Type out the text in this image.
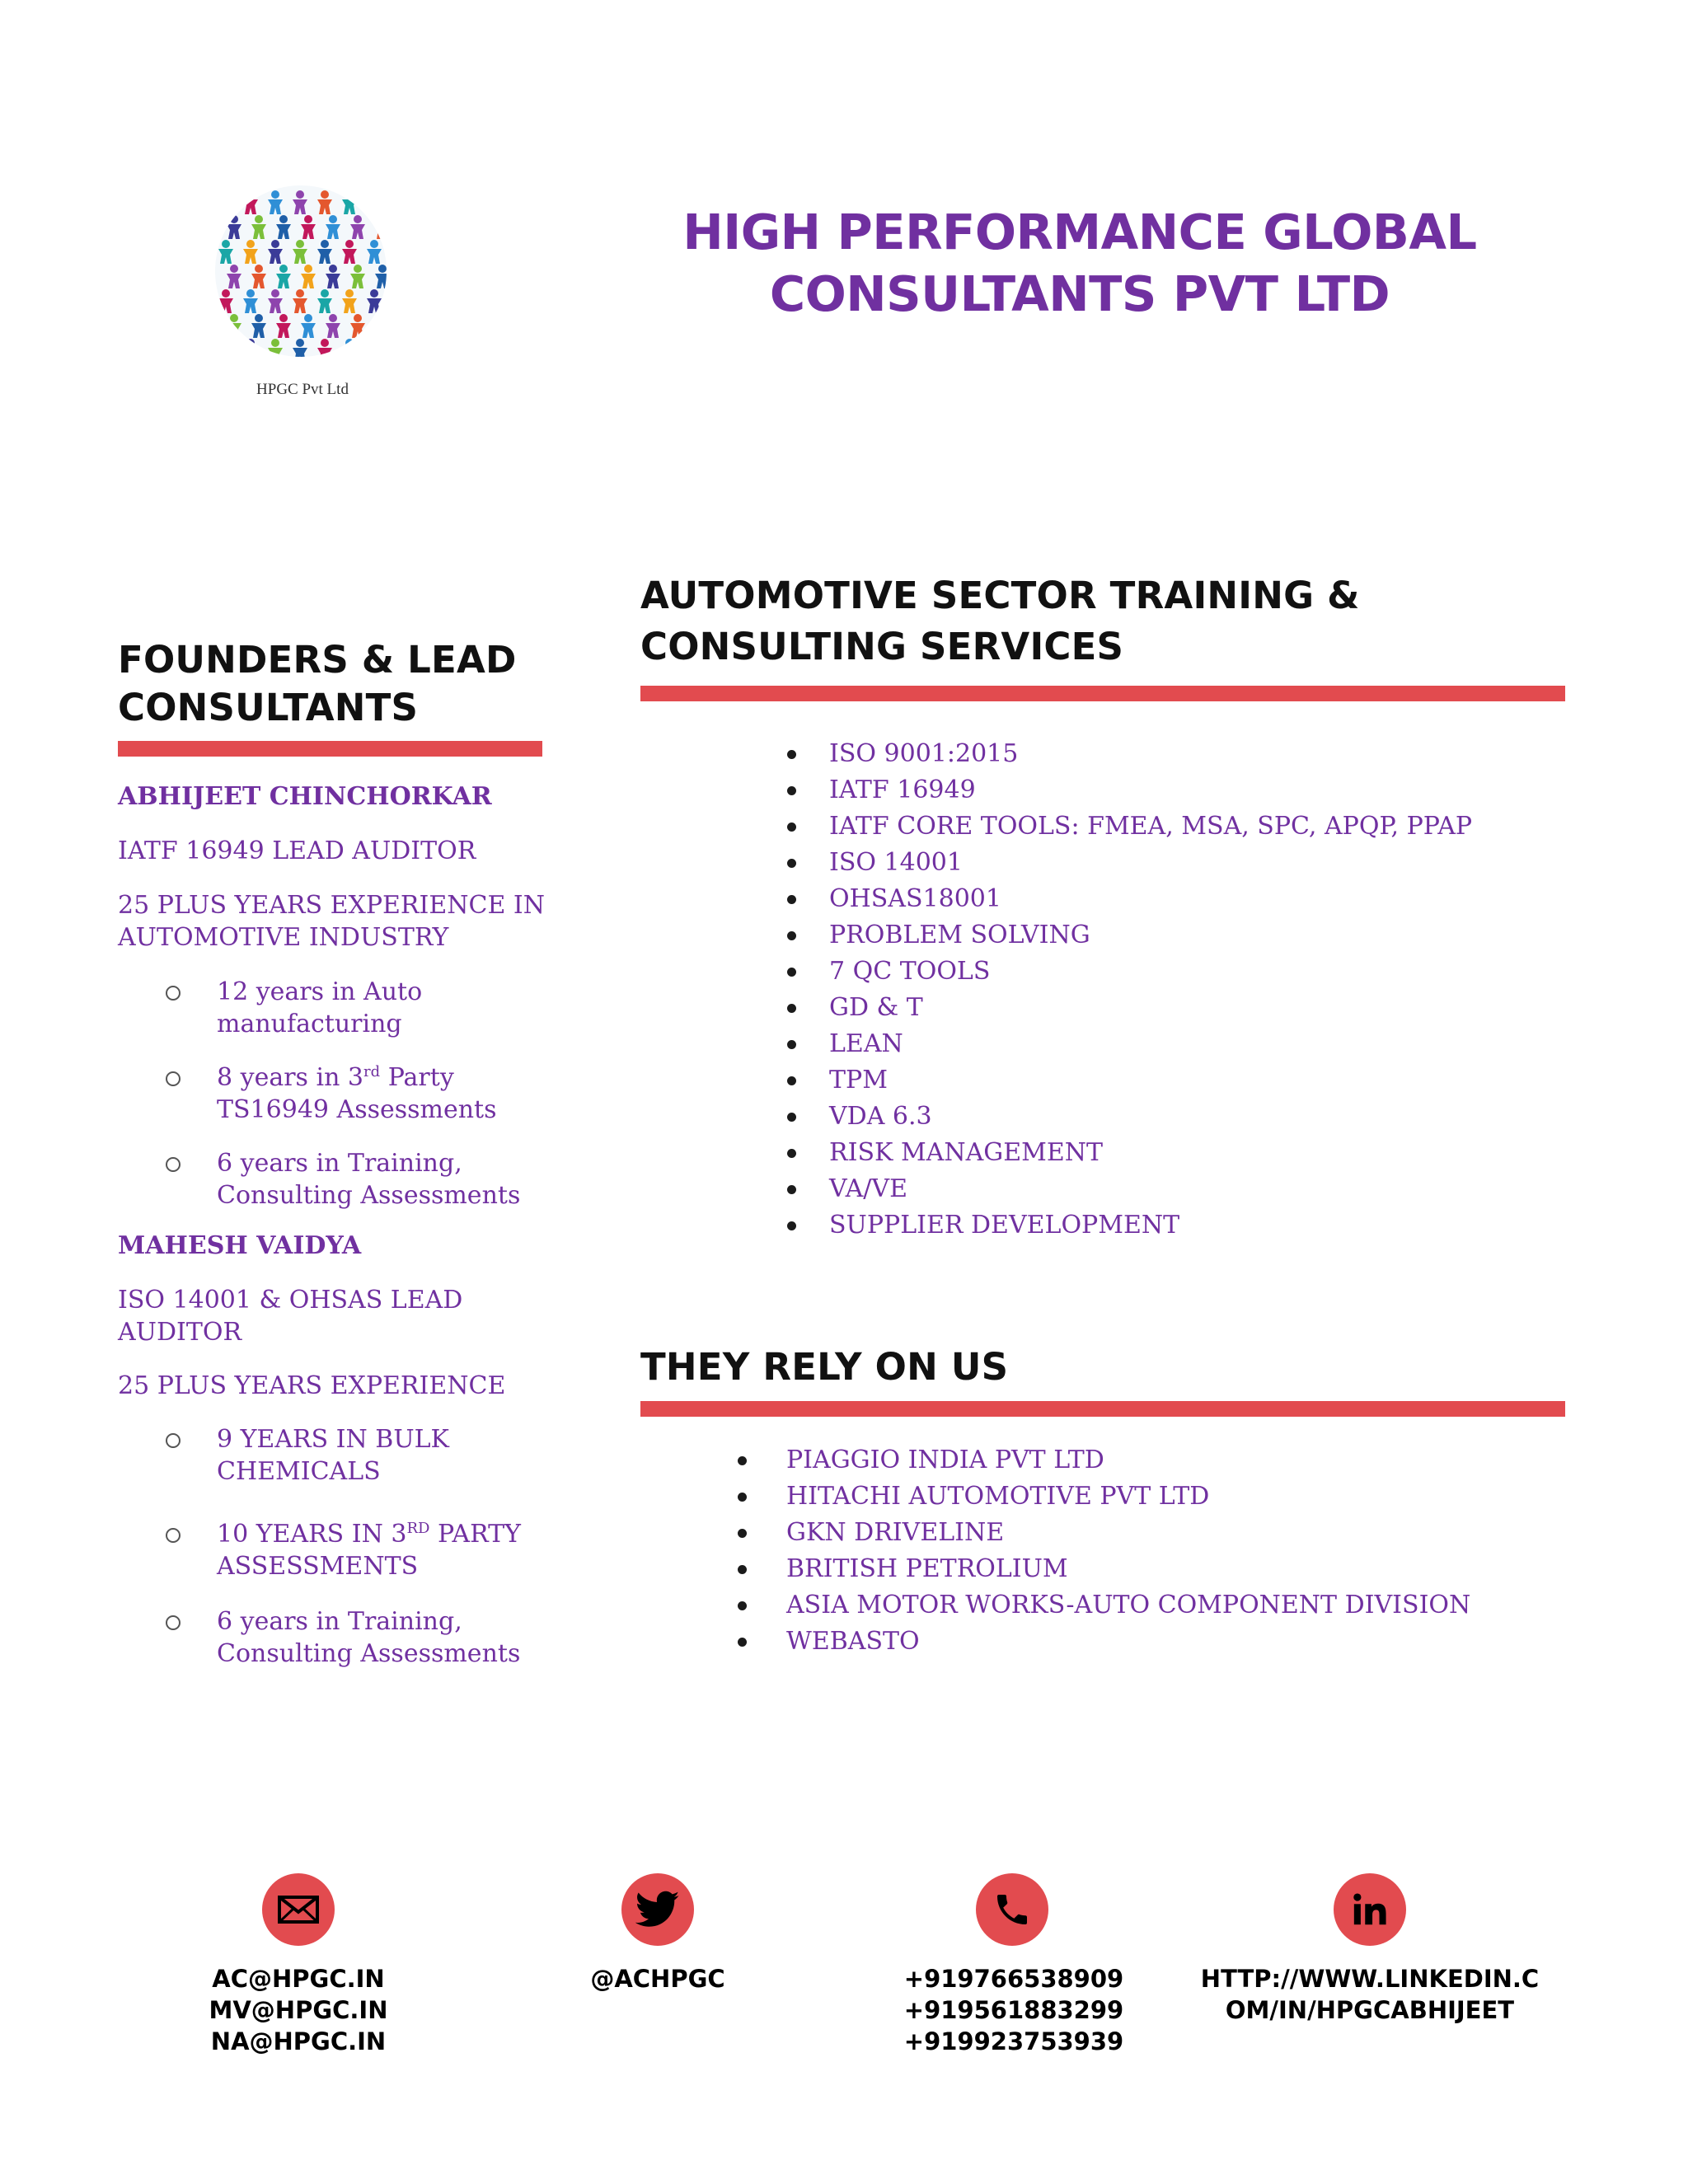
HPGC Pvt Ltd
HIGH PERFORMANCE GLOBAL
CONSULTANTS PVT LTD
FOUNDERS & LEAD
CONSULTANTS
ABHIJEET CHINCHORKAR
IATF 16949 LEAD AUDITOR
25 PLUS YEARS EXPERIENCE IN
AUTOMOTIVE INDUSTRY
12 years in Auto
manufacturing
8 years in 3rd Party
TS16949 Assessments
6 years in Training,
Consulting Assessments
MAHESH VAIDYA
ISO 14001 & OHSAS LEAD
AUDITOR
25 PLUS YEARS EXPERIENCE
9 YEARS IN BULK
CHEMICALS
10 YEARS IN 3RD PARTY
ASSESSMENTS
6 years in Training,
Consulting Assessments
AUTOMOTIVE SECTOR TRAINING &
CONSULTING SERVICES
ISO 9001:2015
IATF 16949
IATF CORE TOOLS: FMEA, MSA, SPC, APQP, PPAP
ISO 14001
OHSAS18001
PROBLEM SOLVING
7 QC TOOLS
GD & T
LEAN
TPM
VDA 6.3
RISK MANAGEMENT
VA/VE
SUPPLIER DEVELOPMENT
THEY RELY ON US
PIAGGIO INDIA PVT LTD
HITACHI AUTOMOTIVE PVT LTD
GKN DRIVELINE
BRITISH PETROLIUM
ASIA MOTOR WORKS-AUTO COMPONENT DIVISION
WEBASTO
AC@HPGC.IN
MV@HPGC.IN
NA@HPGC.IN
@ACHPGC	+919766538909
+919561883299
+919923753939
HTTP://WWW.LINKEDIN.C
OM/IN/HPGCABHIJEET
